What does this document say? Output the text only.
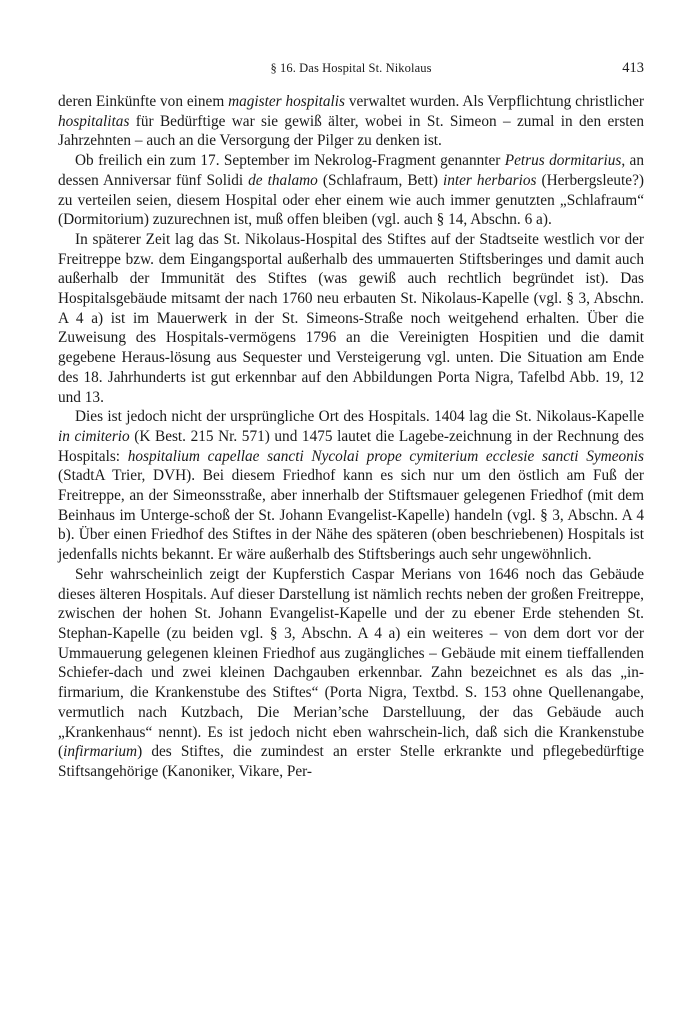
§ 16. Das Hospital St. Nikolaus	413

deren Einkünfte von einem magister hospitalis verwaltet wurden. Als Verpflichtung christlicher hospitalitas für Bedürftige war sie gewiß älter, wobei in St. Simeon – zumal in den ersten Jahrzehnten – auch an die Versorgung der Pilger zu denken ist.

Ob freilich ein zum 17. September im Nekrolog-Fragment genannter Petrus dormitarius, an dessen Anniversar fünf Solidi de thalamo (Schlafraum, Bett) inter herbarios (Herbergsleute?) zu verteilen seien, diesem Hospital oder eher einem wie auch immer genutzten „Schlafraum“ (Dormitorium) zuzurechnen ist, muß offen bleiben (vgl. auch § 14, Abschn. 6 a).

In späterer Zeit lag das St. Nikolaus-Hospital des Stiftes auf der Stadtseite westlich vor der Freitreppe bzw. dem Eingangsportal außerhalb des ummauerten Stiftsberinges und damit auch außerhalb der Immunität des Stiftes (was gewiß auch rechtlich begründet ist). Das Hospitalsgebäude mitsamt der nach 1760 neu erbauten St. Nikolaus-Kapelle (vgl. § 3, Abschn. A 4 a) ist im Mauerwerk in der St. Simeons-Straße noch weitgehend erhalten. Über die Zuweisung des Hospitals-vermögens 1796 an die Vereinigten Hospitien und die damit gegebene Heraus-lösung aus Sequester und Versteigerung vgl. unten. Die Situation am Ende des 18. Jahrhunderts ist gut erkennbar auf den Abbildungen Porta Nigra, Tafelbd Abb. 19, 12 und 13.

Dies ist jedoch nicht der ursprüngliche Ort des Hospitals. 1404 lag die St. Nikolaus-Kapelle in cimiterio (K Best. 215 Nr. 571) und 1475 lautet die Lagebe-zeichnung in der Rechnung des Hospitals: hospitalium capellae sancti Nycolai prope cymiterium ecclesie sancti Symeonis (StadtA Trier, DVH). Bei diesem Friedhof kann es sich nur um den östlich am Fuß der Freitreppe, an der Simeonsstraße, aber innerhalb der Stiftsmauer gelegenen Friedhof (mit dem Beinhaus im Unterge-schoß der St. Johann Evangelist-Kapelle) handeln (vgl. § 3, Abschn. A 4 b). Über einen Friedhof des Stiftes in der Nähe des späteren (oben beschriebenen) Hospitals ist jedenfalls nichts bekannt. Er wäre außerhalb des Stiftsberings auch sehr ungewöhnlich.

Sehr wahrscheinlich zeigt der Kupferstich Caspar Merians von 1646 noch das Gebäude dieses älteren Hospitals. Auf dieser Darstellung ist nämlich rechts neben der großen Freitreppe, zwischen der hohen St. Johann Evangelist-Kapelle und der zu ebener Erde stehenden St. Stephan-Kapelle (zu beiden vgl. § 3, Abschn. A 4 a) ein weiteres – von dem dort vor der Ummauerung gelegenen kleinen Friedhof aus zugängliches – Gebäude mit einem tieffallenden Schiefer-dach und zwei kleinen Dachgauben erkennbar. Zahn bezeichnet es als das „in-firmarium, die Krankenstube des Stiftes“ (Porta Nigra, Textbd. S. 153 ohne Quellenangabe, vermutlich nach Kutzbach, Die Merian’sche Darstelluung, der das Gebäude auch „Krankenhaus“ nennt). Es ist jedoch nicht eben wahrschein-lich, daß sich die Krankenstube (infirmarium) des Stiftes, die zumindest an erster Stelle erkrankte und pflegebedürftige Stiftsangehörige (Kanoniker, Vikare, Per-
